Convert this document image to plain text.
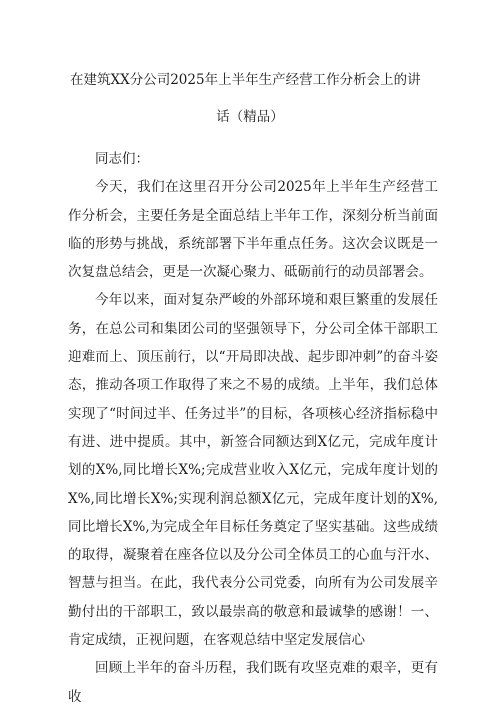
在建筑XX分公司2025年上半年生产经营工作分析会上的讲
话（精品）

同志们：

今天，我们在这里召开分公司2025年上半年生产经营工作分析会，主要任务是全面总结上半年工作，深刻分析当前面临的形势与挑战，系统部署下半年重点任务。这次会议既是一次复盘总结会，更是一次凝心聚力、砥砺前行的动员部署会。

今年以来，面对复杂严峻的外部环境和艰巨繁重的发展任务，在总公司和集团公司的坚强领导下，分公司全体干部职工迎难而上、顶压前行，以“开局即决战、起步即冲刺”的奋斗姿态，推动各项工作取得了来之不易的成绩。上半年，我们总体实现了“时间过半、任务过半”的目标，各项核心经济指标稳中有进、进中提质。其中，新签合同额达到X亿元，完成年度计划的X%,同比增长X%;完成营业收入X亿元，完成年度计划的X%,同比增长X%;实现利润总额X亿元，完成年度计划的X%,同比增长X%,为完成全年目标任务奠定了坚实基础。这些成绩的取得，凝聚着在座各位以及分公司全体员工的心血与汗水、智慧与担当。在此，我代表分公司党委，向所有为公司发展辛勤付出的干部职工，致以最崇高的敬意和最诚挚的感谢！一、肯定成绩，正视问题，在客观总结中坚定发展信心

回顾上半年的奋斗历程，我们既有攻坚克难的艰辛，更有收
